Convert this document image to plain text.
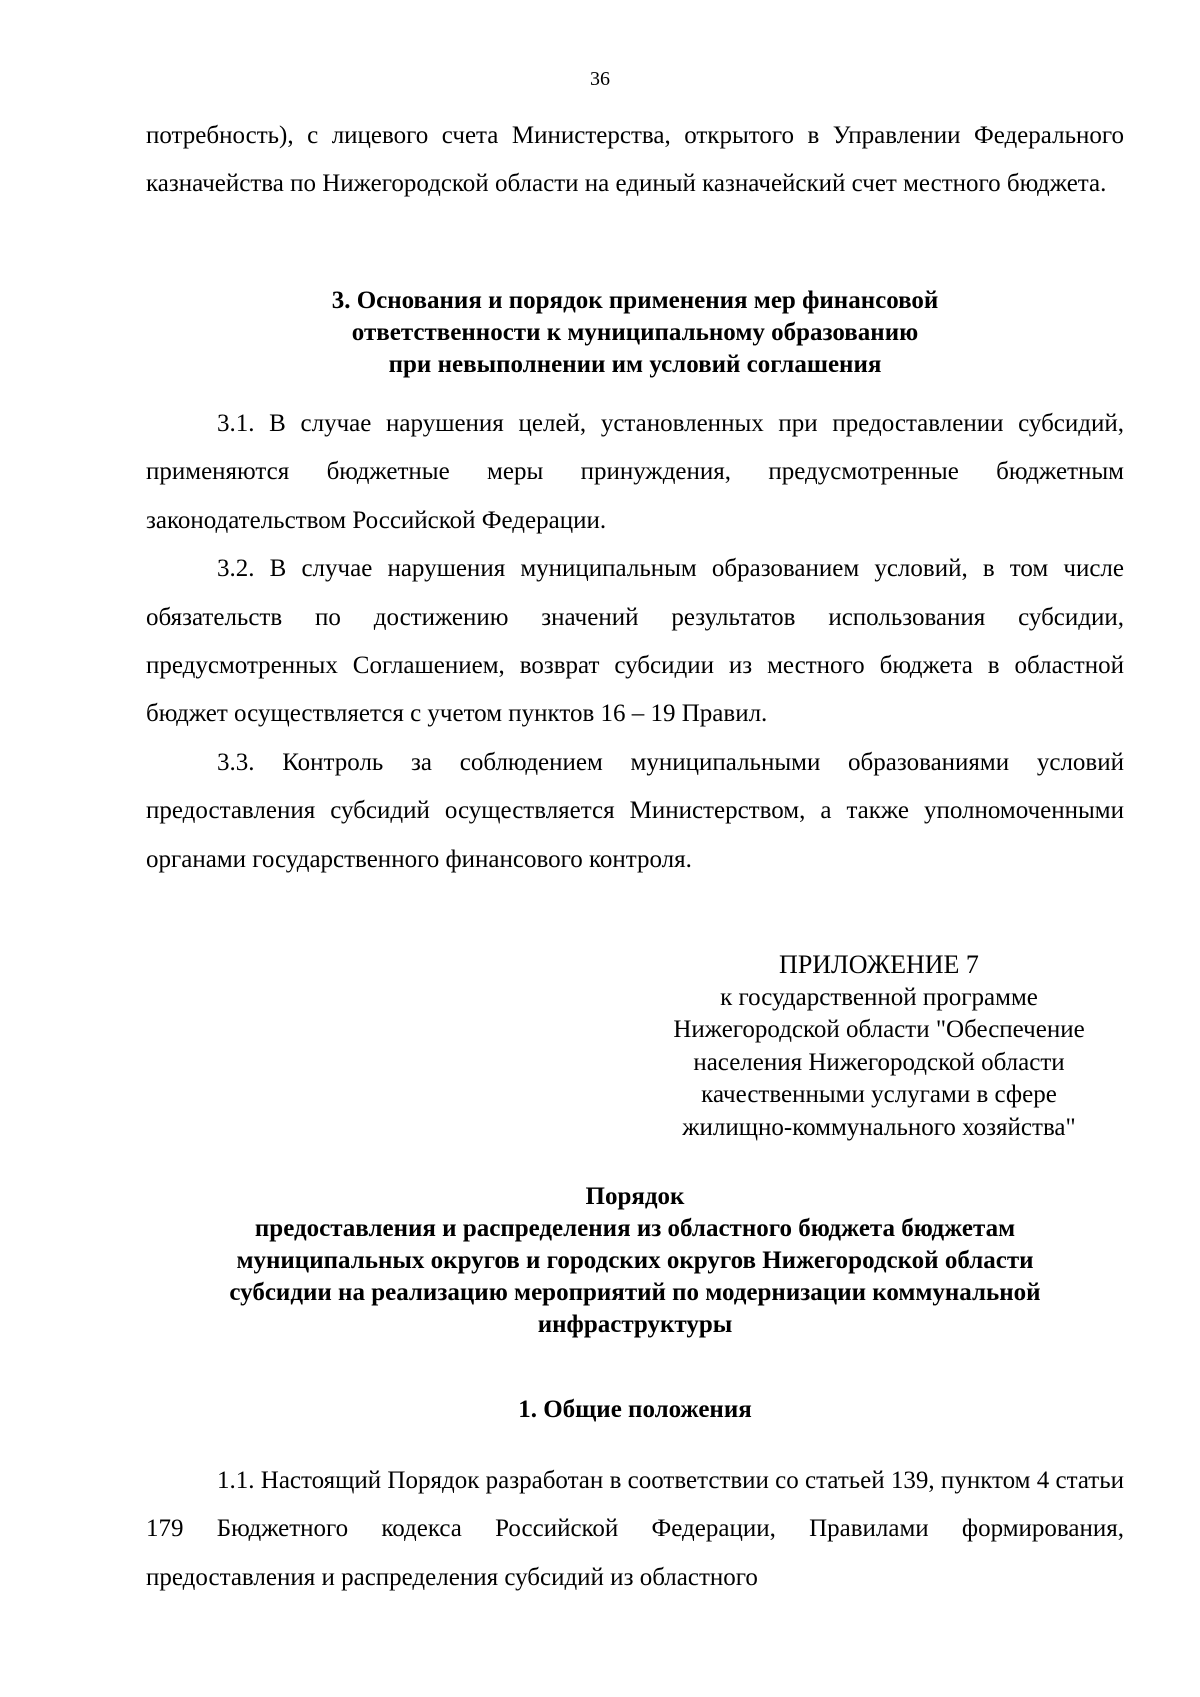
36

потребность), с лицевого счета Министерства, открытого в Управлении Федерального казначейства по Нижегородской области на единый казначейский счет местного бюджета.

3. Основания и порядок применения мер финансовой
ответственности к муниципальному образованию
при невыполнении им условий соглашения

3.1. В случае нарушения целей, установленных при предоставлении субсидий, применяются бюджетные меры принуждения, предусмотренные бюджетным законодательством Российской Федерации.

3.2. В случае нарушения муниципальным образованием условий, в том числе обязательств по достижению значений результатов использования субсидии, предусмотренных Соглашением, возврат субсидии из местного бюджета в областной бюджет осуществляется с учетом пунктов 16 – 19 Правил.

3.3. Контроль за соблюдением муниципальными образованиями условий предоставления субсидий осуществляется Министерством, а также уполномоченными органами государственного финансового контроля.

ПРИЛОЖЕНИЕ 7
к государственной программе
Нижегородской области "Обеспечение
населения Нижегородской области
качественными услугами в сфере
жилищно-коммунального хозяйства"

Порядок
предоставления и распределения из областного бюджета бюджетам
муниципальных округов и городских округов Нижегородской области
субсидии на реализацию мероприятий по модернизации коммунальной
инфраструктуры

1. Общие положения

1.1. Настоящий Порядок разработан в соответствии со статьей 139, пунктом 4 статьи 179 Бюджетного кодекса Российской Федерации, Правилами формирования, предоставления и распределения субсидий из областного
